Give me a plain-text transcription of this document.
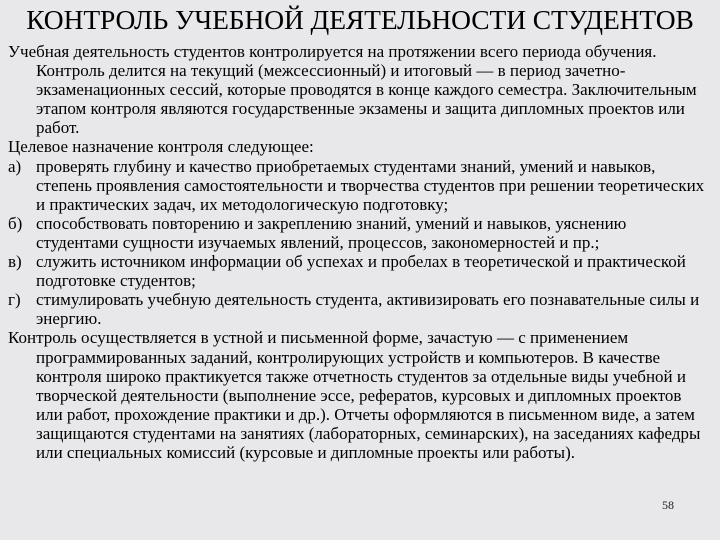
КОНТРОЛЬ УЧЕБНОЙ ДЕЯТЕЛЬНОСТИ СТУДЕНТОВ

Учебная деятельность студентов контролируется на протяжении всего периода обучения. Контроль делится на текущий (межсессионный) и итоговый — в период зачетно-экзаменационных сессий, которые проводятся в конце каждого семестра. Заключительным этапом контроля являются государственные экзамены и защита дипломных проектов или работ.

Целевое назначение контроля следующее:

а) проверять глубину и качество приобретаемых студентами знаний, умений и навыков, степень проявления самостоятельности и творчества студентов при решении теоретических и практических задач, их методологическую подготовку;
б) способствовать повторению и закреплению знаний, умений и навыков, уяснению студентами сущности изучаемых явлений, процессов, закономерностей и пр.;
в) служить источником информации об успехах и пробелах в теоретической и практической подготовке студентов;
г) стимулировать учебную деятельность студента, активизировать его познавательные силы и энергию.

Контроль осуществляется в устной и письменной форме, зачастую — с применением программированных заданий, контролирующих устройств и компьютеров. В качестве контроля широко практикуется также отчетность студентов за отдельные виды учебной и творческой деятельности (выполнение эссе, рефератов, курсовых и дипломных проектов или работ, прохождение практики и др.). Отчеты оформляются в письменном виде, а затем защищаются студентами на занятиях (лабораторных, семинарских), на заседаниях кафедры или специальных комиссий (курсовые и дипломные проекты или работы).

58
